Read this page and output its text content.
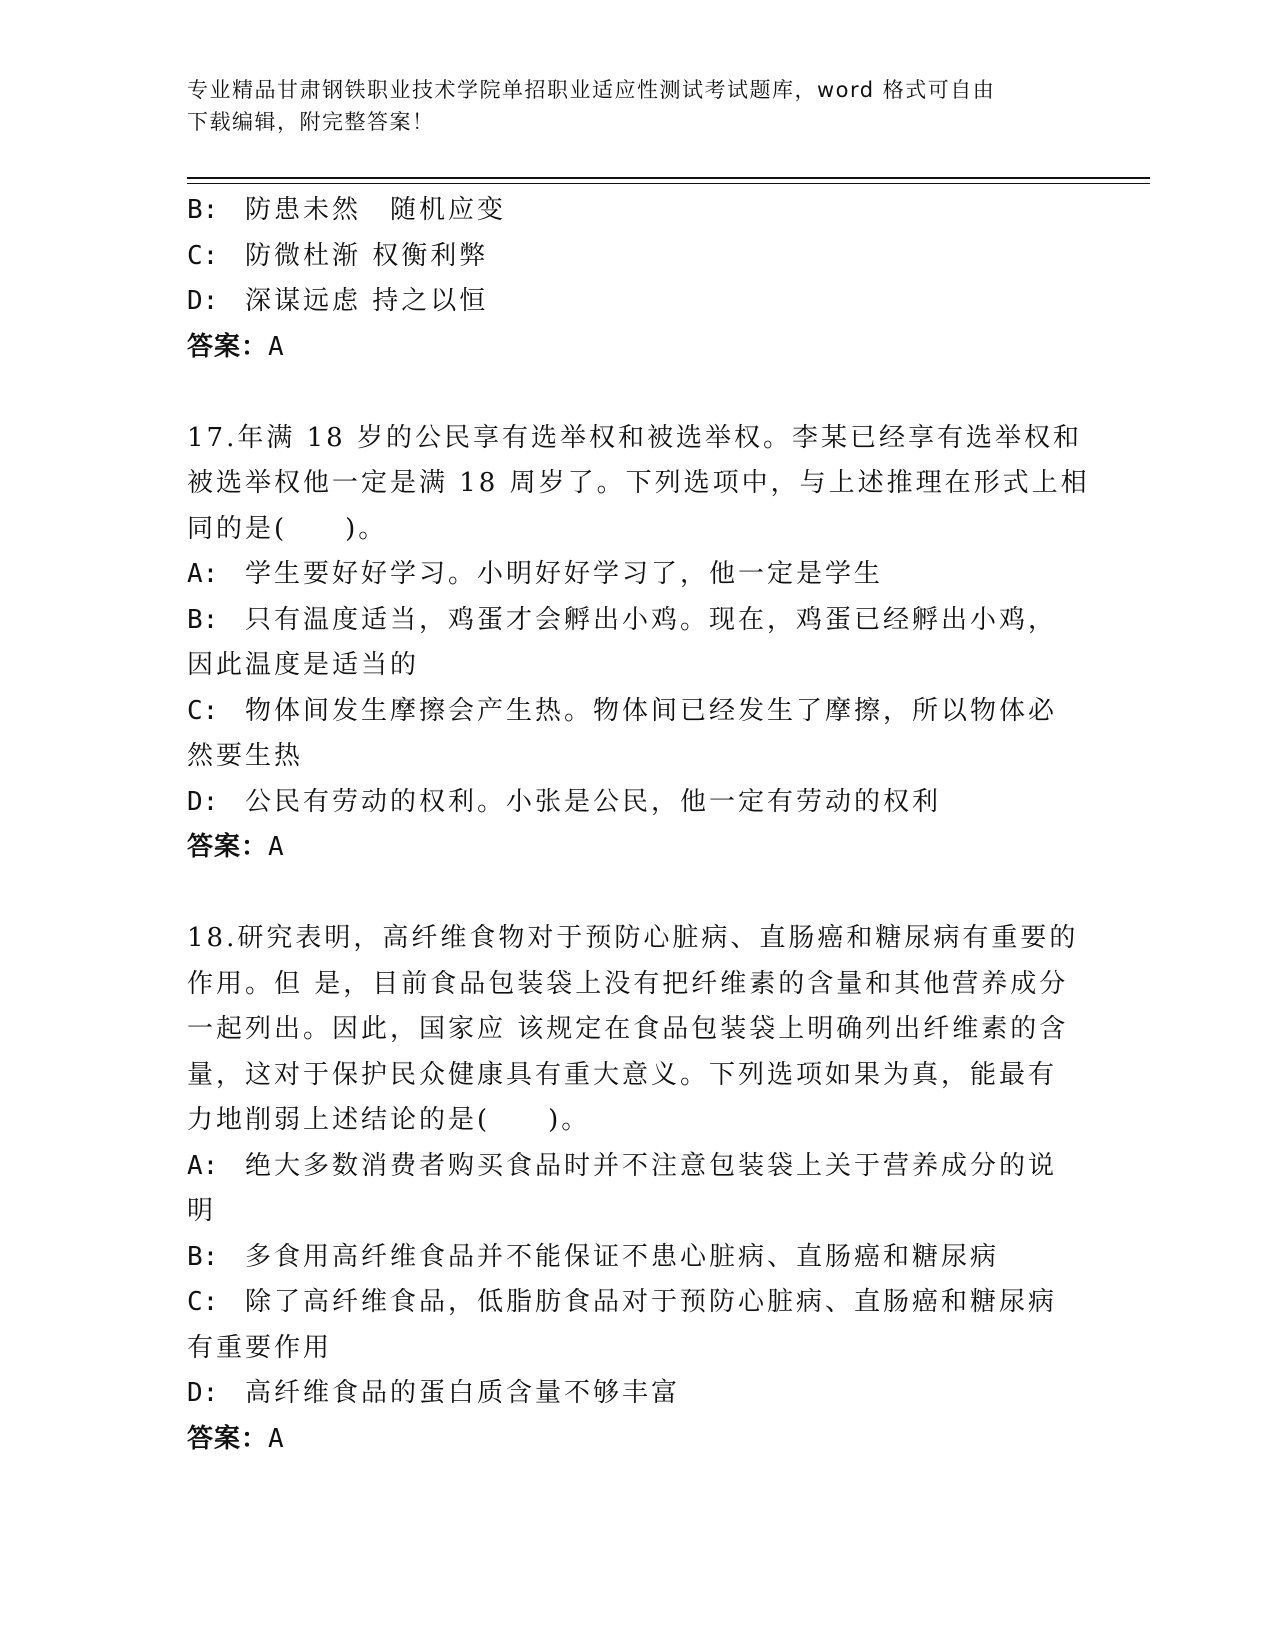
专业精品甘肃钢铁职业技术学院单招职业适应性测试考试题库，word 格式可自由
下载编辑，附完整答案！
B: 防患未然　随机应变
C: 防微杜渐 权衡利弊
D: 深谋远虑 持之以恒
答案：A
17.年满 18 岁的公民享有选举权和被选举权。李某已经享有选举权和
被选举权他一定是满 18 周岁了。下列选项中，与上述推理在形式上相
同的是(　　)。
A: 学生要好好学习。小明好好学习了，他一定是学生
B: 只有温度适当，鸡蛋才会孵出小鸡。现在，鸡蛋已经孵出小鸡，
因此温度是适当的
C: 物体间发生摩擦会产生热。物体间已经发生了摩擦，所以物体必
然要生热
D: 公民有劳动的权利。小张是公民，他一定有劳动的权利
答案：A
18.研究表明，高纤维食物对于预防心脏病、直肠癌和糖尿病有重要的
作用。但 是，目前食品包装袋上没有把纤维素的含量和其他营养成分
一起列出。因此，国家应 该规定在食品包装袋上明确列出纤维素的含
量，这对于保护民众健康具有重大意义。下列选项如果为真，能最有
力地削弱上述结论的是(　　)。
A: 绝大多数消费者购买食品时并不注意包装袋上关于营养成分的说
明
B: 多食用高纤维食品并不能保证不患心脏病、直肠癌和糖尿病
C: 除了高纤维食品，低脂肪食品对于预防心脏病、直肠癌和糖尿病
有重要作用
D: 高纤维食品的蛋白质含量不够丰富
答案：A
